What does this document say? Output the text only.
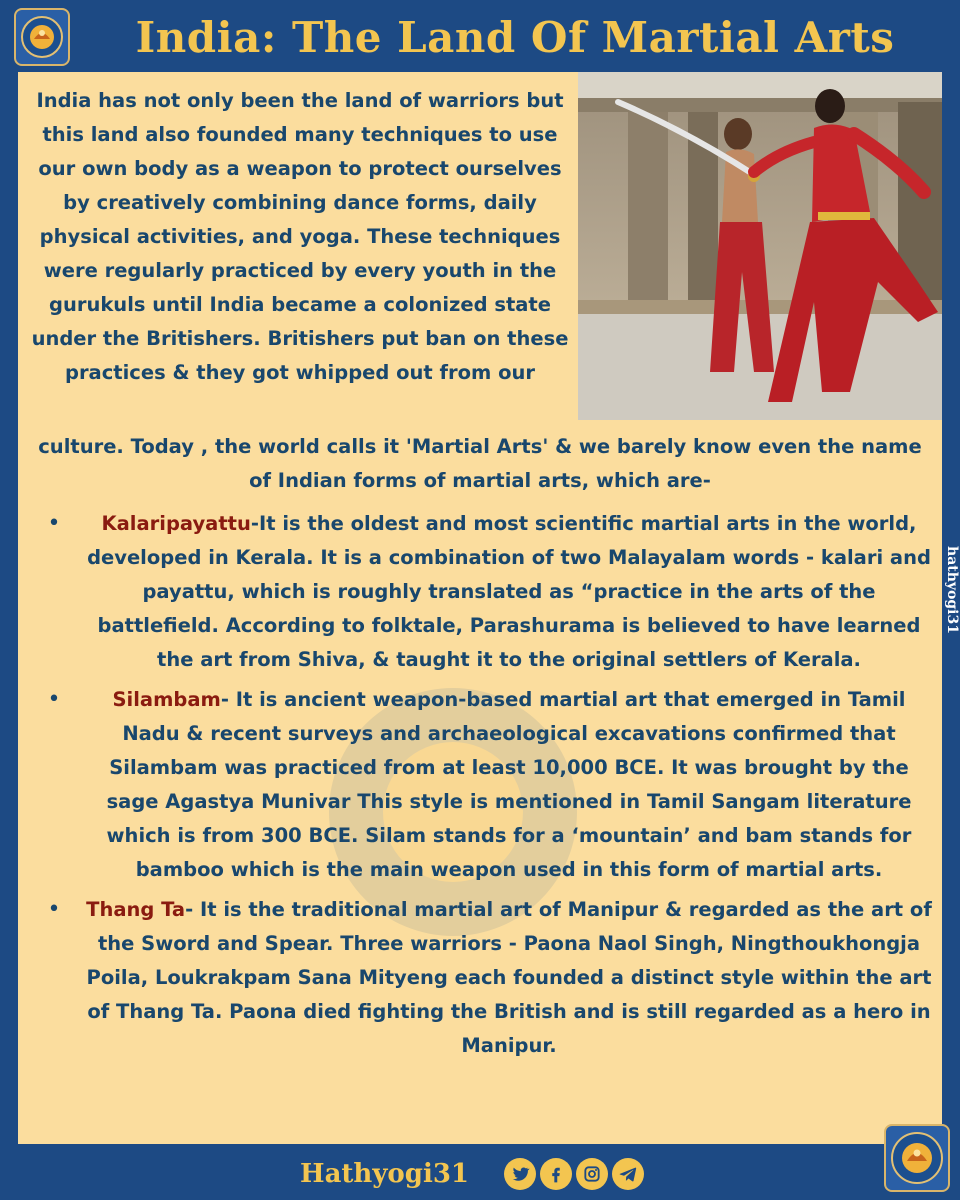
India: The Land Of Martial Arts

India has not only been the land of warriors but this land also founded many techniques to use our own body as a weapon to protect ourselves by creatively combining dance forms, daily physical activities, and yoga. These techniques were regularly practiced by every youth in the gurukuls until India became a colonized state under the Britishers. Britishers put ban on these practices & they got whipped out from our

culture. Today , the world calls it 'Martial Arts' & we barely know even the name of Indian forms of martial arts, which are-

•	Kalaripayattu-It is the oldest and most scientific martial arts in the world, developed in Kerala. It is a combination of two Malayalam words - kalari and payattu, which is roughly translated as “practice in the arts of the battlefield. According to folktale, Parashurama is believed to have learned the art from Shiva, & taught it to the original settlers of Kerala.

•	Silambam- It is ancient weapon-based martial art that emerged in Tamil Nadu & recent surveys and archaeological excavations confirmed that Silambam was practiced from at least 10,000 BCE. It was brought by the sage Agastya Munivar This style is mentioned in Tamil Sangam literature which is from 300 BCE. Silam stands for a ‘mountain’ and bam stands for bamboo which is the main weapon used in this form of martial arts.

• Thang Ta- It is the traditional martial art of Manipur & regarded as the art of the Sword and Spear. Three warriors - Paona Naol Singh, Ningthoukhongja Poila, Loukrakpam Sana Mityeng each founded a distinct style within the art of Thang Ta. Paona died fighting the British and is still regarded as a hero in Manipur.

hathyogi31
Hathyogi31
